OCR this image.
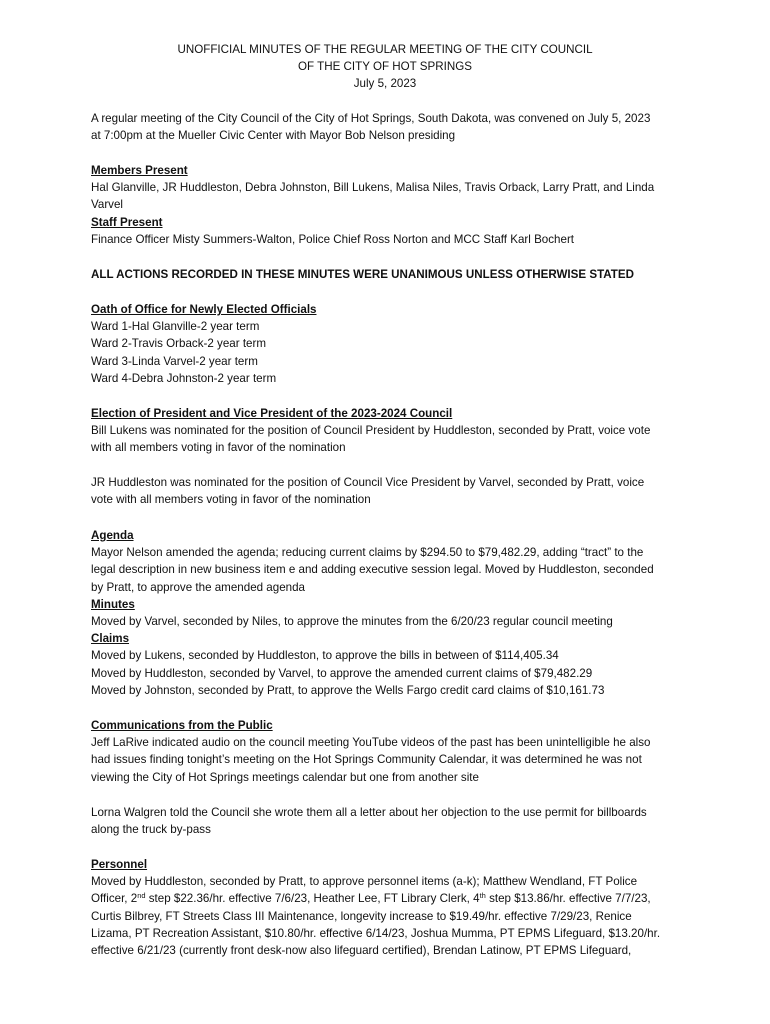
UNOFFICIAL MINUTES OF THE REGULAR MEETING OF THE CITY COUNCIL
OF THE CITY OF HOT SPRINGS
July 5, 2023
A regular meeting of the City Council of the City of Hot Springs, South Dakota, was convened on July 5, 2023
at 7:00pm at the Mueller Civic Center with Mayor Bob Nelson presiding
Members Present
Hal Glanville, JR Huddleston, Debra Johnston, Bill Lukens, Malisa Niles, Travis Orback, Larry Pratt, and Linda
Varvel
Staff Present
Finance Officer Misty Summers-Walton, Police Chief Ross Norton and MCC Staff Karl Bochert
ALL ACTIONS RECORDED IN THESE MINUTES WERE UNANIMOUS UNLESS OTHERWISE STATED
Oath of Office for Newly Elected Officials
Ward 1-Hal Glanville-2 year term
Ward 2-Travis Orback-2 year term
Ward 3-Linda Varvel-2 year term
Ward 4-Debra Johnston-2 year term
Election of President and Vice President of the 2023-2024 Council
Bill Lukens was nominated for the position of Council President by Huddleston, seconded by Pratt, voice vote
with all members voting in favor of the nomination
JR Huddleston was nominated for the position of Council Vice President by Varvel, seconded by Pratt, voice
vote with all members voting in favor of the nomination
Agenda
Mayor Nelson amended the agenda; reducing current claims by $294.50 to $79,482.29, adding “tract” to the
legal description in new business item e and adding executive session legal. Moved by Huddleston, seconded
by Pratt, to approve the amended agenda
Minutes
Moved by Varvel, seconded by Niles, to approve the minutes from the 6/20/23 regular council meeting
Claims
Moved by Lukens, seconded by Huddleston, to approve the bills in between of $114,405.34
Moved by Huddleston, seconded by Varvel, to approve the amended current claims of $79,482.29
Moved by Johnston, seconded by Pratt, to approve the Wells Fargo credit card claims of $10,161.73
Communications from the Public
Jeff LaRive indicated audio on the council meeting YouTube videos of the past has been unintelligible he also
had issues finding tonight’s meeting on the Hot Springs Community Calendar, it was determined he was not
viewing the City of Hot Springs meetings calendar but one from another site
Lorna Walgren told the Council she wrote them all a letter about her objection to the use permit for billboards
along the truck by-pass
Personnel
Moved by Huddleston, seconded by Pratt, to approve personnel items (a-k); Matthew Wendland, FT Police
Officer, 2nd step $22.36/hr. effective 7/6/23, Heather Lee, FT Library Clerk, 4th step $13.86/hr. effective 7/7/23,
Curtis Bilbrey, FT Streets Class III Maintenance, longevity increase to $19.49/hr. effective 7/29/23, Renice
Lizama, PT Recreation Assistant, $10.80/hr. effective 6/14/23, Joshua Mumma, PT EPMS Lifeguard, $13.20/hr.
effective 6/21/23 (currently front desk-now also lifeguard certified), Brendan Latinow, PT EPMS Lifeguard,
